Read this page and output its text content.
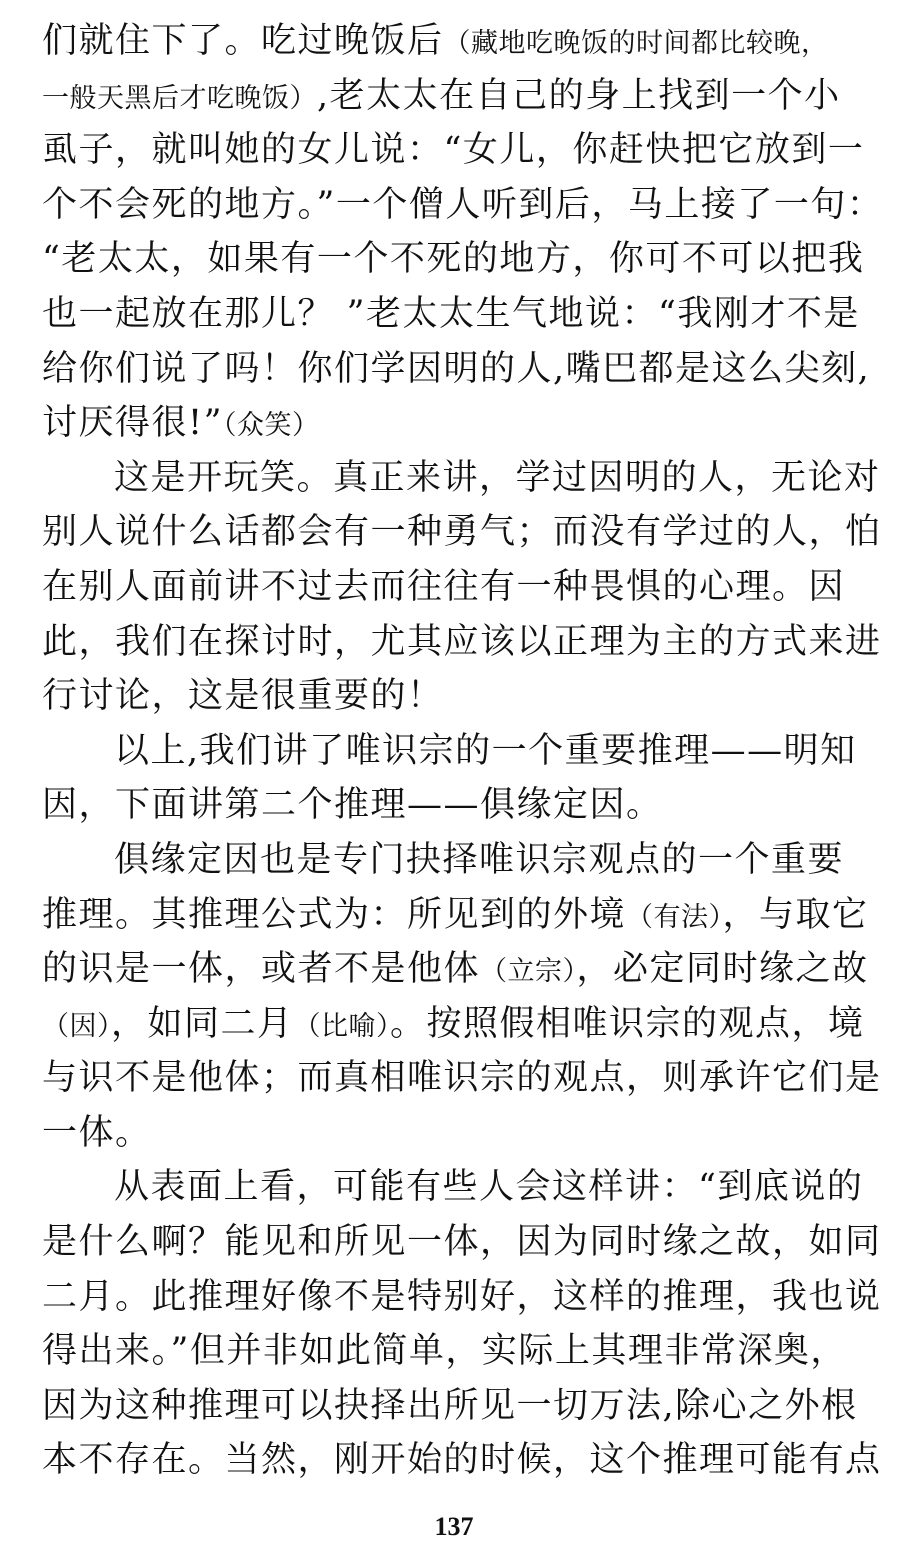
们就住下了。吃过晚饭后（藏地吃晚饭的时间都比较晚，
一般天黑后才吃晚饭）,老太太在自己的身上找到一个小
虱子，就叫她的女儿说：“女儿，你赶快把它放到一
个不会死的地方。”一个僧人听到后，马上接了一句：
“老太太，如果有一个不死的地方，你可不可以把我
也一起放在那儿？ ”老太太生气地说：“我刚才不是
给你们说了吗！你们学因明的人,嘴巴都是这么尖刻,
讨厌得很!”（众笑）
这是开玩笑。真正来讲，学过因明的人，无论对
别人说什么话都会有一种勇气；而没有学过的人，怕
在别人面前讲不过去而往往有一种畏惧的心理。因
此，我们在探讨时，尤其应该以正理为主的方式来进
行讨论，这是很重要的！
以上,我们讲了唯识宗的一个重要推理——明知
因，下面讲第二个推理——俱缘定因。
俱缘定因也是专门抉择唯识宗观点的一个重要
推理。其推理公式为：所见到的外境（有法），与取它
的识是一体，或者不是他体（立宗），必定同时缘之故
（因），如同二月（比喻）。按照假相唯识宗的观点，境
与识不是他体；而真相唯识宗的观点，则承许它们是
一体。
从表面上看，可能有些人会这样讲：“到底说的
是什么啊？能见和所见一体，因为同时缘之故，如同
二月。此推理好像不是特别好，这样的推理，我也说
得出来。”但并非如此简单，实际上其理非常深奥，
因为这种推理可以抉择出所见一切万法,除心之外根
本不存在。当然，刚开始的时候，这个推理可能有点
137
